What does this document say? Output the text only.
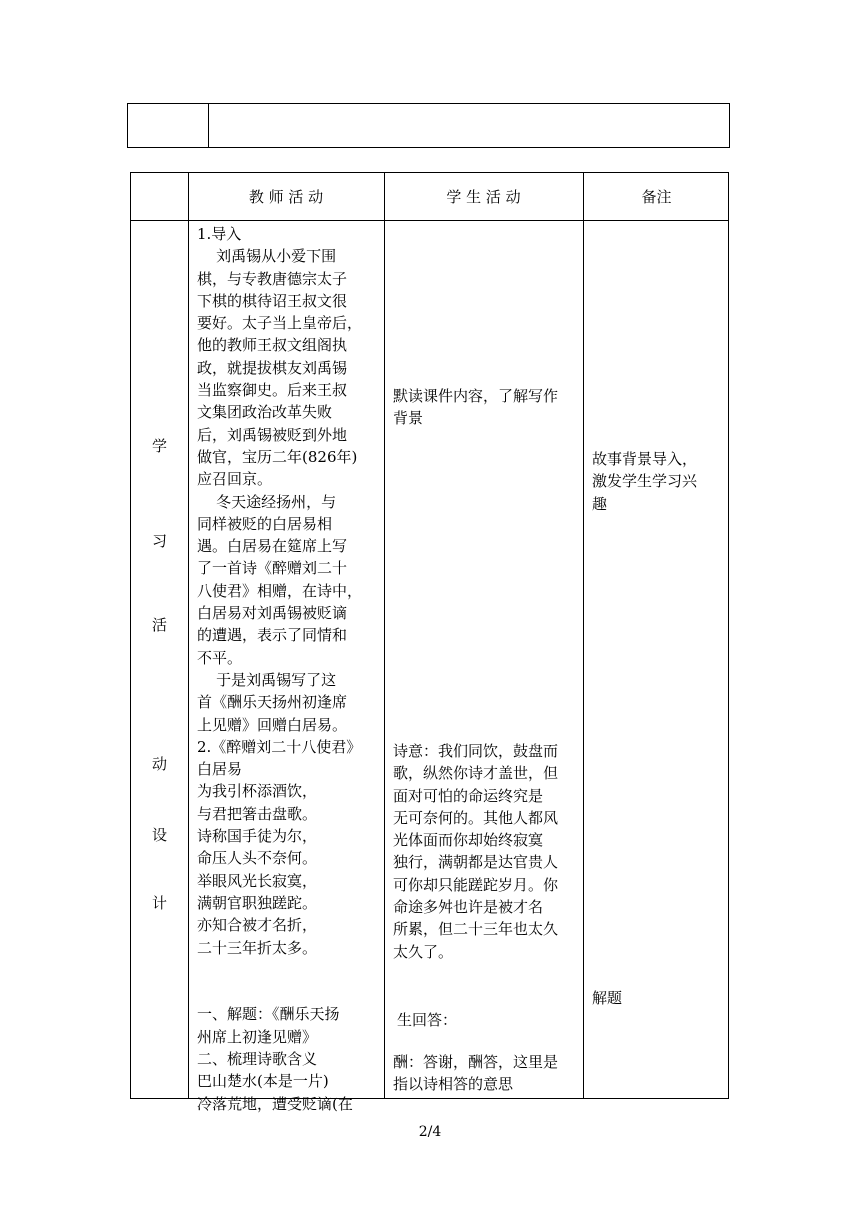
教 师 活 动	学 生 活 动	备注
学
习
活
动
设
计
1.导入
刘禹锡从小爱下围
棋，与专教唐德宗太子
下棋的棋待诏王叔文很
要好。太子当上皇帝后，
他的教师王叔文组阁执
政，就提拔棋友刘禹锡
当监察御史。后来王叔
文集团政治改革失败
后，刘禹锡被贬到外地
做官，宝历二年(826年)
应召回京。
冬天途经扬州，与
同样被贬的白居易相
遇。白居易在筵席上写
了一首诗《醉赠刘二十
八使君》相赠，在诗中，
白居易对刘禹锡被贬谪
的遭遇，表示了同情和
不平。
于是刘禹锡写了这
首《酬乐天扬州初逢席
上见赠》回赠白居易。
2.《醉赠刘二十八使君》
白居易
为我引杯添酒饮，
与君把箸击盘歌。
诗称国手徒为尔，
命压人头不奈何。
举眼风光长寂寞，
满朝官职独蹉跎。
亦知合被才名折，
二十三年折太多。

一、解题：《酬乐天扬
州席上初逢见赠》
二、梳理诗歌含义
巴山楚水(本是一片)
冷落荒地，遭受贬谪(在
默读课件内容，了解写作
背景
诗意：我们同饮，鼓盘而
歌，纵然你诗才盖世，但
面对可怕的命运终究是
无可奈何的。其他人都风
光体面而你却始终寂寞
独行，满朝都是达官贵人
可你却只能蹉跎岁月。你
命途多舛也许是被才名
所累，但二十三年也太久
太久了。
生回答：
酬：答谢，酬答，这里是
指以诗相答的意思
故事背景导入，
激发学生学习兴
趣
解题
2/4
